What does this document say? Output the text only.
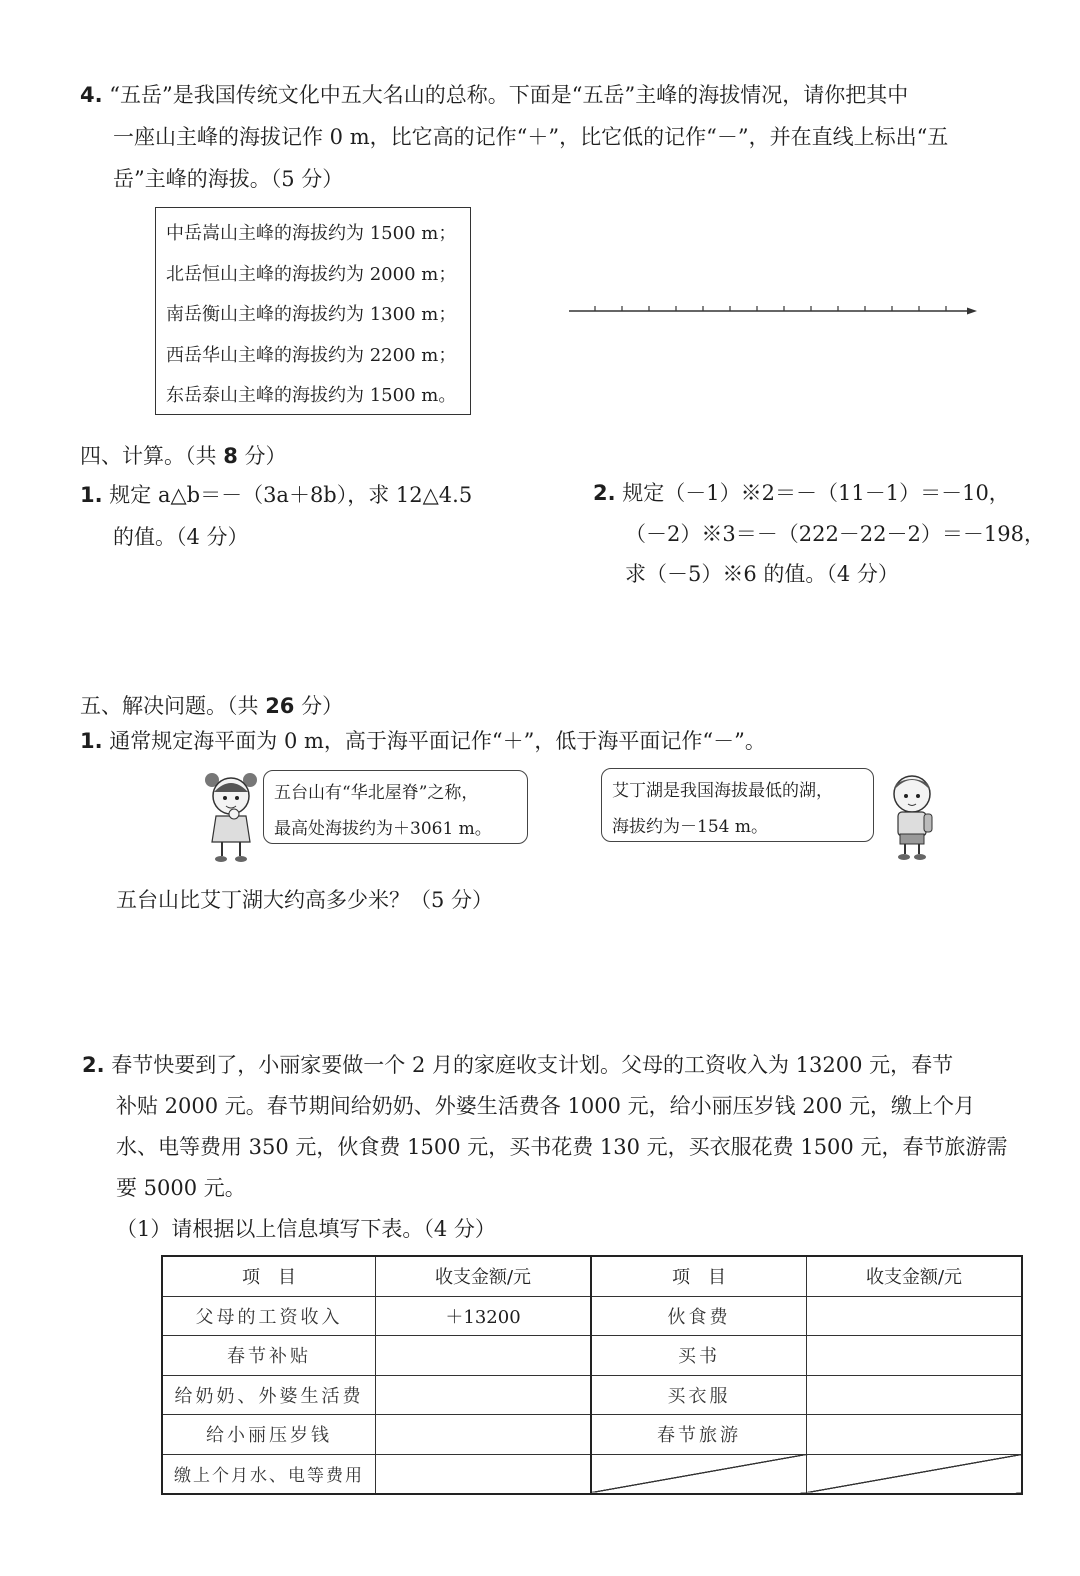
4. “五岳”是我国传统文化中五大名山的总称。下面是“五岳”主峰的海拔情况，请你把其中
一座山主峰的海拔记作 0 m，比它高的记作“＋”，比它低的记作“－”，并在直线上标出“五
岳”主峰的海拔。（5 分）
中岳嵩山主峰的海拔约为 1500 m；
北岳恒山主峰的海拔约为 2000 m；
南岳衡山主峰的海拔约为 1300 m；
西岳华山主峰的海拔约为 2200 m；
东岳泰山主峰的海拔约为 1500 m。
四、计算。（共 8 分）
1. 规定 a△b＝－（3a＋8b），求 12△4.5
的值。（4 分）
2. 规定（－1）※2＝－（11－1）＝－10，
（－2）※3＝－（222－22－2）＝－198，
求（－5）※6 的值。（4 分）
五、解决问题。（共 26 分）
1. 通常规定海平面为 0 m，高于海平面记作“＋”，低于海平面记作“－”。
五台山有“华北屋脊”之称，
最高处海拔约为＋3061 m。
艾丁湖是我国海拔最低的湖，
海拔约为－154 m。
五台山比艾丁湖大约高多少米？（5 分）
2. 春节快要到了，小丽家要做一个 2 月的家庭收支计划。父母的工资收入为 13200 元，春节
补贴 2000 元。春节期间给奶奶、外婆生活费各 1000 元，给小丽压岁钱 200 元，缴上个月
水、电等费用 350 元，伙食费 1500 元，买书花费 130 元，买衣服花费 1500 元，春节旅游需
要 5000 元。
（1）请根据以上信息填写下表。（4 分）
项　目	收支金额/元	项　目	收支金额/元
父母的工资收入	＋13200	伙食费	
春节补贴		买书	
给奶奶、外婆生活费		买衣服	
给小丽压岁钱		春节旅游	
缴上个月水、电等费用			
